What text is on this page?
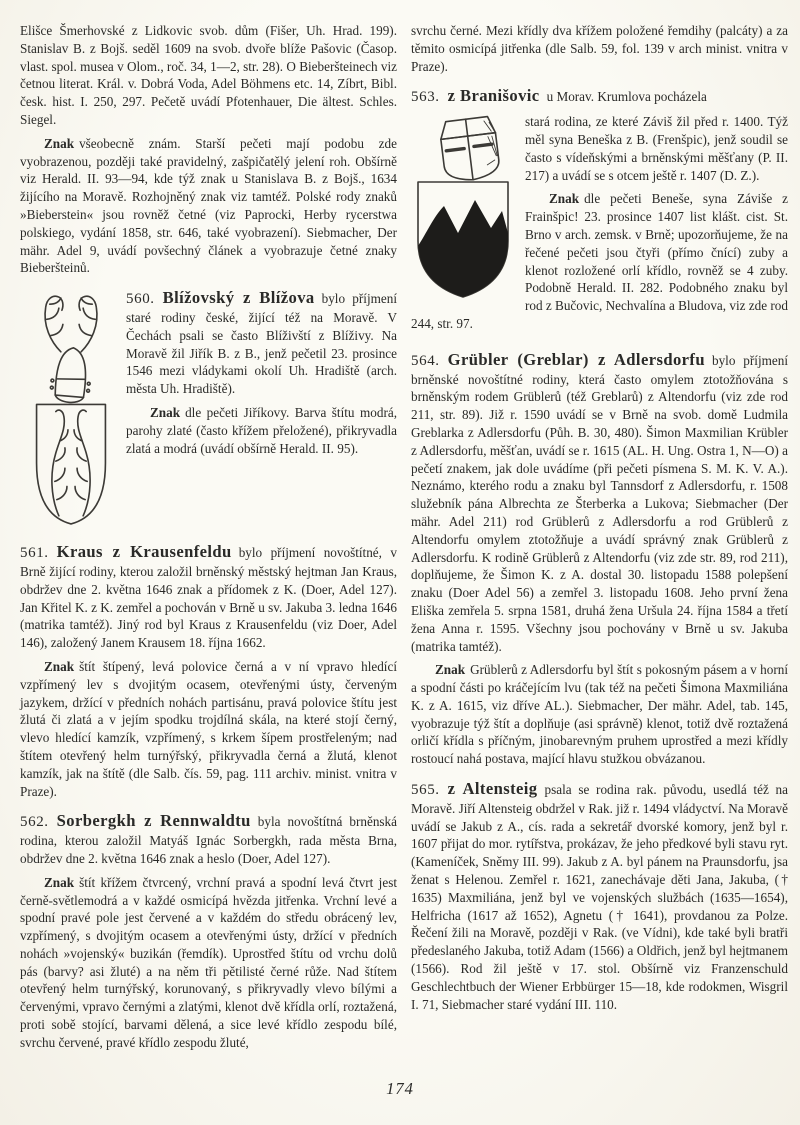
Elišce Šmerhovské z Lidkovic svob. dům (Fišer, Uh. Hrad. 199). Stanislav B. z Bojš. seděl 1609 na svob. dvoře blíže Pašovic (Časop. vlast. spol. musea v Olom., roč. 34, 1—2, str. 28). O Bieberšteinech viz četnou literat. Král. v. Dobrá Voda, Adel Böhmens etc. 14, Zíbrt, Bibl. česk. hist. I. 250, 297. Pečetě uvádí Pfotenhauer, Die ältest. Schles. Siegel.

Znak všeobecně znám. Starší pečeti mají podobu zde vyobrazenou, později také pravidelný, zašpičatělý jelení roh. Obšírně viz Herald. II. 93—94, kde týž znak u Stanislava B. z Bojš., 1634 žijícího na Moravě. Rozhojněný znak viz tamtéž. Polské rody znaků »Bieberstein« jsou rovněž četné (viz Paprocki, Herby rycerstwa polskiego, vydání 1858, str. 646, také vyobrazení). Siebmacher, Der mähr. Adel 9, uvádí povšechný článek a vyobrazuje četné znaky Bieberšteinů.

560. Blížovský z Blížova bylo příjmení staré rodiny české, žijící též na Moravě. V Čechách psali se často Blíživští z Blíživy. Na Moravě žil Jiřík B. z B., jenž pečetil 23. prosince 1546 mezi vládykami okolí Uh. Hradiště (arch. města Uh. Hradiště).

Znak dle pečeti Jiříkovy. Barva štítu modrá, parohy zlaté (často křížem přeložené), přikryvadla zlatá a modrá (uvádí obšírně Herald. II. 95).

561. Kraus z Krausenfeldu bylo příjmení novoštítné, v Brně žijící rodiny, kterou založil brněnský městský hejtman Jan Kraus, obdržev dne 2. května 1646 znak a přídomek z K. (Doer, Adel 127). Jan Křitel K. z K. zemřel a pochován v Brně u sv. Jakuba 3. ledna 1646 (matrika tamtéž). Jiný rod byl Kraus z Krausenfeldu (viz Doer, Adel 146), založený Janem Krausem 18. října 1662.

Znak štít štípený, levá polovice černá a v ní vpravo hledící vzpřímený lev s dvojitým ocasem, otevřenými ústy, červeným jazykem, držící v předních nohách partisánu, pravá polovice štítu jest žlutá či zlatá a v jejím spodku trojdílná skála, na které stojí černý, vlevo hledící kamzík, vzpřímený, s krkem šípem prostřeleným; nad štítem otevřený helm turnýřský, přikryvadla černá a žlutá, klenot kamzík, jak na štítě (dle Salb. čís. 59, pag. 111 archiv. minist. vnitra v Praze).

562. Sorbergkh z Rennwaldtu byla novoštítná brněnská rodina, kterou založil Matyáš Ignác Sorbergkh, rada města Brna, obdržev dne 2. května 1646 znak a heslo (Doer, Adel 127).

Znak štít křížem čtvrcený, vrchní pravá a spodní levá čtvrt jest černě-světlemodrá a v každé osmicípá hvězda jitřenka. Vrchní levé a spodní pravé pole jest červené a v každém do středu obrácený lev, vzpřímený, s dvojitým ocasem a otevřenými ústy, držící v předních nohách »vojenský« buzikán (řemdík). Uprostřed štítu od vrchu dolů pás (barvy? asi žluté) a na něm tři pětilisté černé růže. Nad štítem otevřený helm turnýřský, korunovaný, s přikryvadly vlevo bílými a červenými, vpravo černými a zlatými, klenot dvě křídla orlí, roztažená, proti sobě stojící, barvami dělená, a sice levé křídlo zespodu bílé, svrchu červené, pravé křídlo zespodu žluté,

svrchu černé. Mezi křídly dva křížem položené řemdihy (palcáty) a za těmito osmicípá jitřenka (dle Salb. 59, fol. 139 v arch minist. vnitra v Praze).

563. z Branišovic u Morav. Krumlova pocházela

stará rodina, ze které Záviš žil před r. 1400. Týž měl syna Beneška z B. (Frenšpic), jenž soudil se často s vídeňskými a brněnskými měšťany (P. II. 217) a uvádí se s otcem ještě r. 1407 (D. Z.).

Znak dle pečeti Beneše, syna Záviše z Frainšpic! 23. prosince 1407 list klášt. cist. St. Brno v arch. zemsk. v Brně; upozorňujeme, že na řečené pečeti jsou čtyři (přímo čnící) zuby a klenot rozložené orlí křídlo, rovněž se 4 zuby. Podobně Herald. II. 282. Podobného znaku byl rod z Bučovic, Nechvalína a Bludova, viz zde rod 244, str. 97.

564. Grübler (Greblar) z Adlersdorfu bylo příjmení brněnské novoštítné rodiny, která často omylem ztotožňována s brněnským rodem Grüblerů (též Greblarů) z Altendorfu (viz zde rod 211, str. 89). Již r. 1590 uvádí se v Brně na svob. domě Ludmila Greblarka z Adlersdorfu (Půh. B. 30, 480). Šimon Maxmilian Krübler z Adlersdorfu, měšťan, uvádí se r. 1615 (AL. H. Ung. Ostra 1, N—O) a pečetí znakem, jak dole uvádíme (při pečeti písmena S. M. K. V. A.). Neznámo, kterého rodu a znaku byl Tannsdorf z Adlersdorfu, r. 1508 služebník pána Albrechta ze Šterberka a Lukova; Siebmacher (Der mähr. Adel 211) rod Grüblerů z Adlersdorfu a rod Grüblerů z Altendorfu omylem ztotožňuje a uvádí správný znak Grüblerů z Adlersdorfu. K rodině Grüblerů z Altendorfu (viz zde str. 89, rod 211), doplňujeme, že Šimon K. z A. dostal 30. listopadu 1588 polepšení znaku (Doer Adel 56) a zemřel 3. listopadu 1608. Jeho první žena Eliška zemřela 5. srpna 1581, druhá žena Uršula 24. října 1584 a třetí žena Anna r. 1595. Všechny jsou pochovány v Brně u sv. Jakuba (matrika tamtéž).

Znak Grüblerů z Adlersdorfu byl štít s pokosným pásem a v horní a spodní části po kráčejícím lvu (tak též na pečeti Šimona Maxmiliána K. z A. 1615, viz dříve AL.). Siebmacher, Der mähr. Adel, tab. 145, vyobrazuje týž štít a doplňuje (asi správně) klenot, totiž dvě roztažená orličí křídla s příčným, jinobarevným pruhem uprostřed a mezi křídly rostoucí nahá postava, mající hlavu stužkou obvázanou.

565. z Altensteig psala se rodina rak. původu, usedlá též na Moravě. Jiří Altensteig obdržel v Rak. již r. 1494 vládyctví. Na Moravě uvádí se Jakub z A., cís. rada a sekretář dvorské komory, jenž byl r. 1607 přijat do mor. rytířstva, prokázav, že jeho předkové byli stavu ryt. (Kameníček, Sněmy III. 99). Jakub z A. byl pánem na Praunsdorfu, jsa ženat s Helenou. Zemřel r. 1621, zanechávaje děti Jana, Jakuba, († 1635) Maxmiliána, jenž byl ve vojenských službách (1635—1654), Helfricha (1617 až 1652), Agnetu († 1641), provdanou za Polze. Řečení žili na Moravě, později v Rak. (ve Vídni), kde také byli bratři předeslaného Jakuba, totiž Adam (1566) a Oldřich, jenž byl hejtmanem (1566). Rod žil ještě v 17. stol. Obšírně viz Franzenschuld Geschlechtbuch der Wiener Erbbürger 15—18, kde rodokmen, Wisgril I. 71, Siebmacher staré vydání III. 110.

174
